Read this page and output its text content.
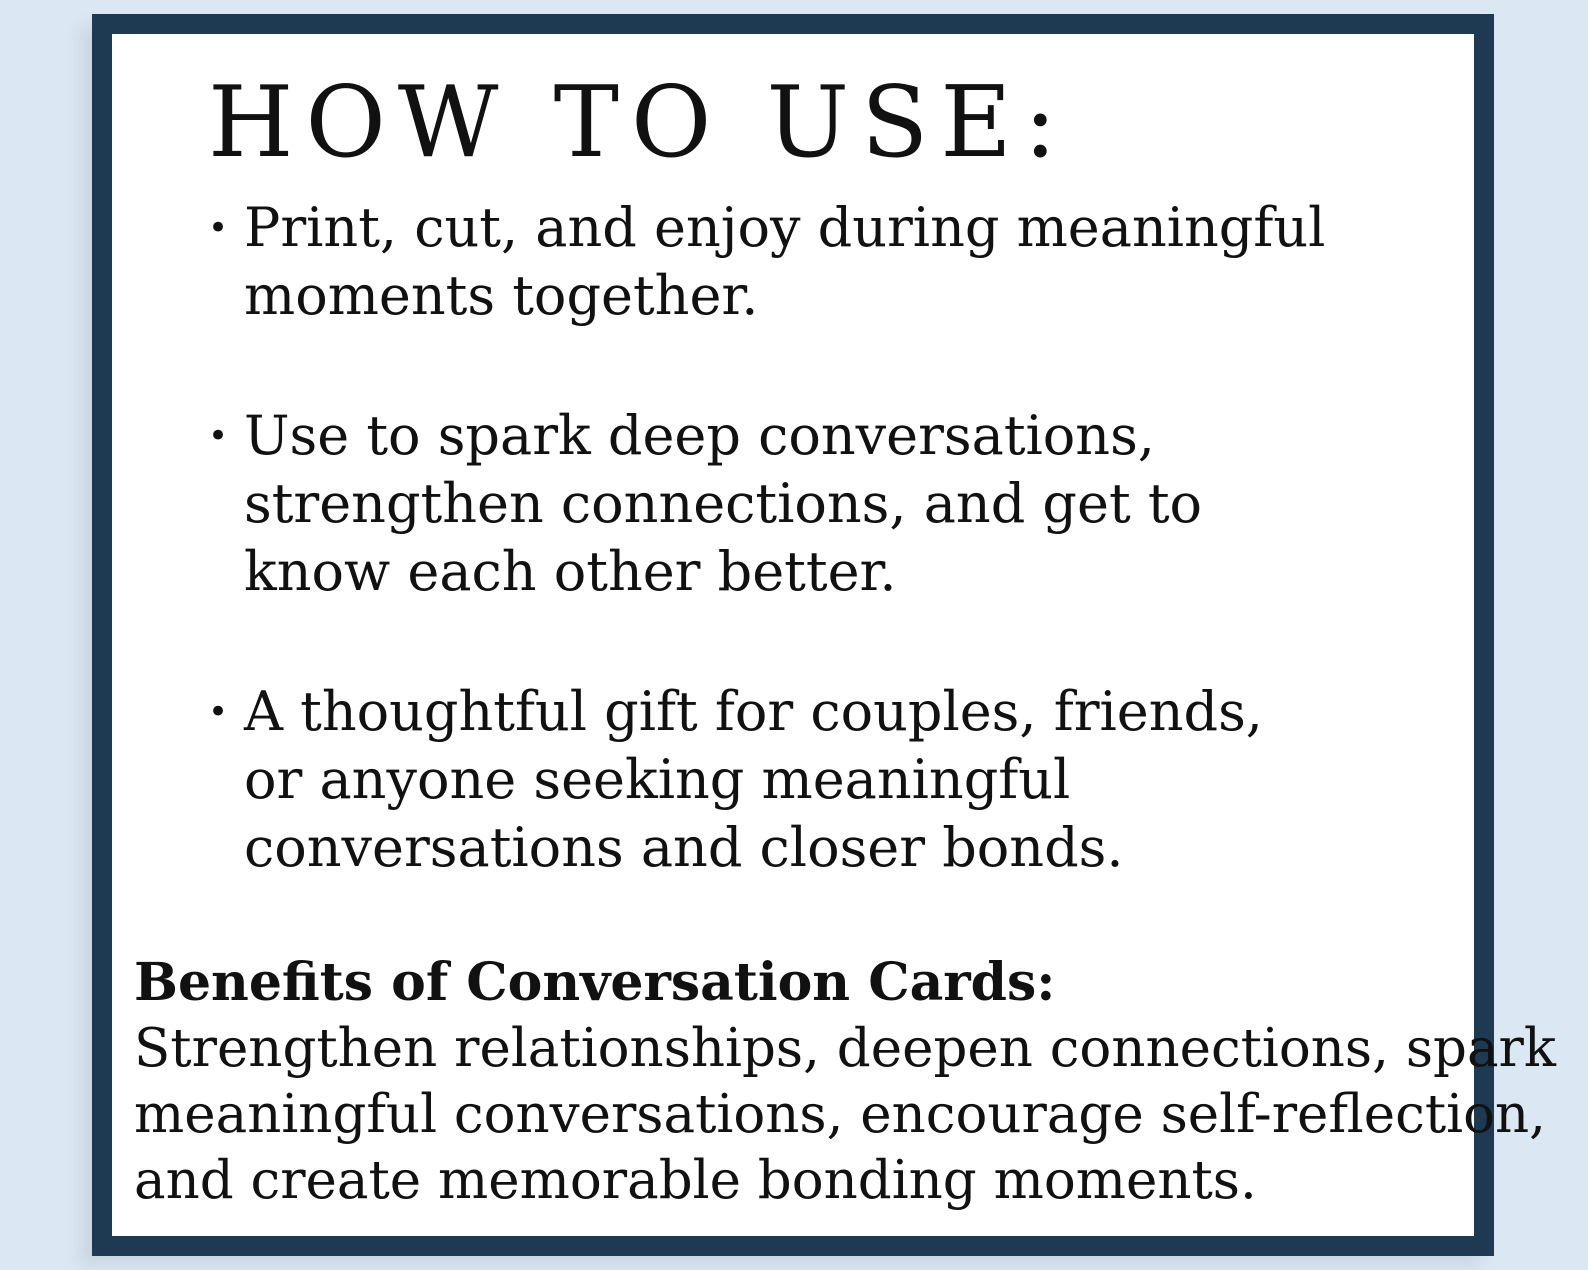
HOW TO USE:
• Print, cut, and enjoy during meaningful
moments together.
• Use to spark deep conversations,
strengthen connections, and get to
know each other better.
• A thoughtful gift for couples, friends,
or anyone seeking meaningful
conversations and closer bonds.

Benefits of Conversation Cards:

Strengthen relationships, deepen connections, spark

meaningful conversations, encourage self-reflection,

and create memorable bonding moments.
